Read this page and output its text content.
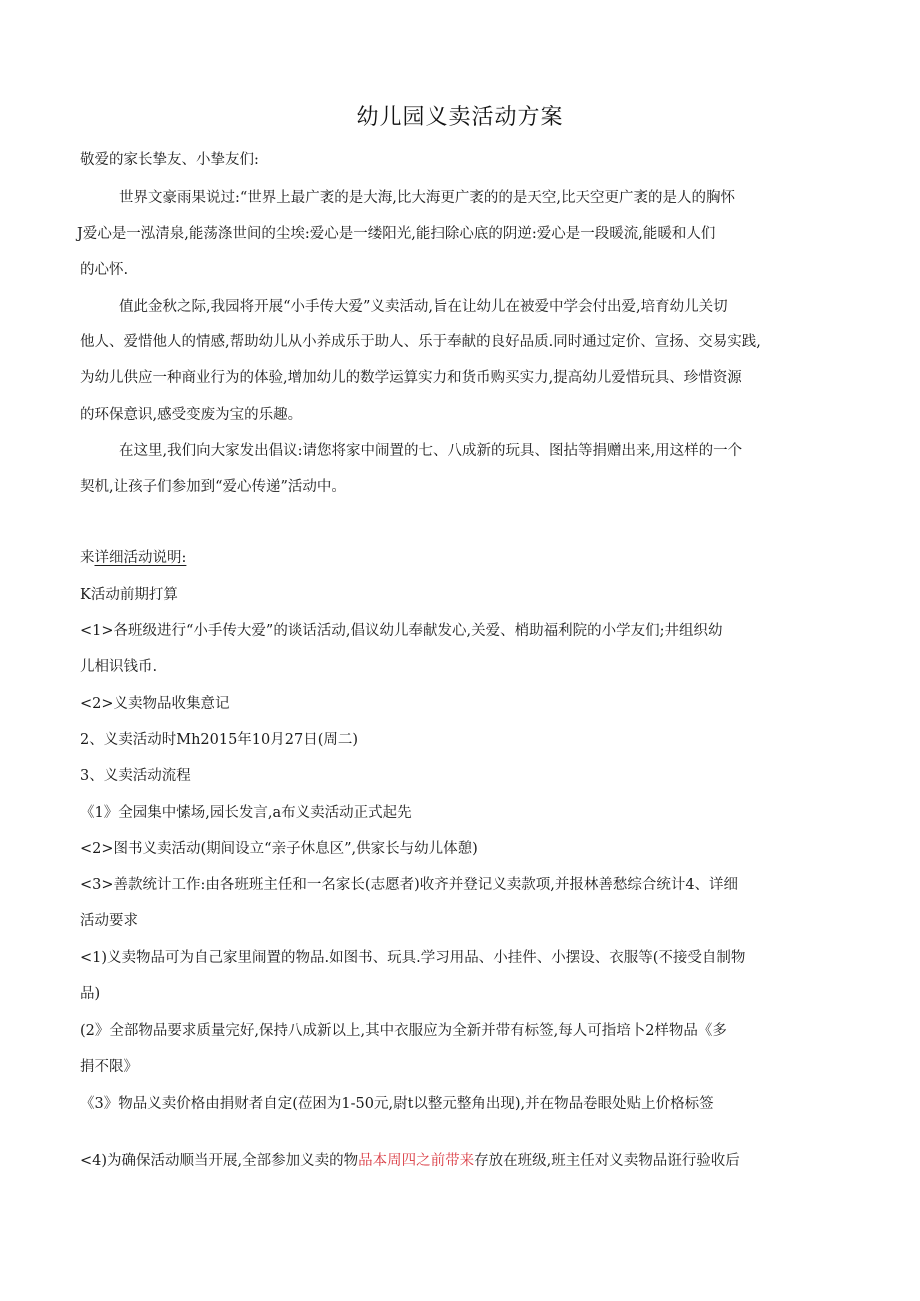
幼儿园义卖活动方案
敬爱的家长挚友、小挚友们:
世界文豪雨果说过:“世界上最广袤的是大海,比大海更广袤的的是天空,比天空更广袤的是人的胸怀
J爱心是一泓清泉,能荡涤世间的尘埃:爱心是一缕阳光,能扫除心底的阴逆:爱心是一段暖流,能暖和人们
的心怀.
值此金秋之际,我园将开展“小手传大爱”义卖活动,旨在让幼儿在被爱中学会付出爱,培育幼儿关切
他人、爱惜他人的情感,帮助幼儿从小养成乐于助人、乐于奉献的良好品质.同时通过定价、宣扬、交易实践,
为幼儿供应一种商业行为的体验,增加幼儿的数学运算实力和货币购买实力,提高幼儿爱惜玩具、珍惜资源
的环保意识,感受变废为宝的乐趣。
在这里,我们向大家发出倡议:请您将家中闹置的七、八成新的玩具、图拈等捐赠出来,用这样的一个
契机,让孩子们参加到“爱心传递”活动中。
来详细活动说明:
K活动前期打算
<1>各班级进行“小手传大爱”的谈话活动,倡议幼儿奉献发心,关爱、梢助福利院的小学友们;井组织幼
儿相识钱币.
<2>义卖物品收集意记
2、义卖活动时Mh2015年10月27日(周二)
3、义卖活动流程
《1》全园集中愫场,园长发言,a布义卖活动正式起先
<2>图书义卖活动(期间设立“亲子休息区”,供家长与幼儿体憩)
<3>善款统计工作:由各班班主任和一名家长(志愿者)收齐并登记义卖款项,并报林善愁综合统计4、详细
活动要求
<1)义卖物品可为自己家里闹置的物品.如图书、玩具.学习用品、小挂件、小摆设、衣服等(不接受自制物
品)
(2》全部物品要求质量完好,保持八成新以上,其中衣服应为全新并带有标签,每人可指培卜2样物品《多
捐不限》
《3》物品义卖价格由捐财者自定(莅困为1-50元,尉t以整元整角出现),并在物品卷眼处贴上价格标签
<4)为确保活动顺当开展,全部参加义卖的物品本周四之前带来存放在班级,班主任对义卖物品诳行验收后
